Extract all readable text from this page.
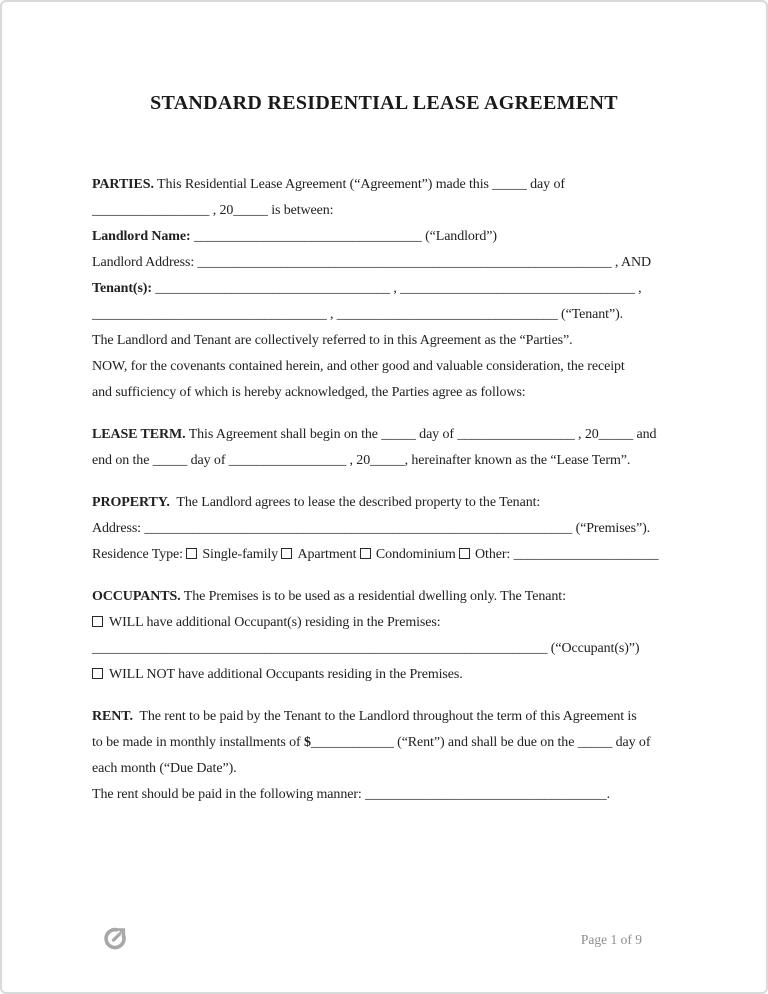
STANDARD RESIDENTIAL LEASE AGREEMENT
PARTIES. This Residential Lease Agreement (“Agreement”) made this _____ day of
_________________ , 20_____ is between:
Landlord Name: _________________________________ (“Landlord”)
Landlord Address: ____________________________________________________________ , AND
Tenant(s): __________________________________ , __________________________________ ,
__________________________________ , ________________________________ (“Tenant”).
The Landlord and Tenant are collectively referred to in this Agreement as the “Parties”.
NOW, for the covenants contained herein, and other good and valuable consideration, the receipt
and sufficiency of which is hereby acknowledged, the Parties agree as follows:
LEASE TERM. This Agreement shall begin on the _____ day of _________________ , 20_____ and
end on the _____ day of _________________ , 20_____, hereinafter known as the “Lease Term”.
PROPERTY.  The Landlord agrees to lease the described property to the Tenant:
Address: ______________________________________________________________ (“Premises”).
Residence Type: Single-family Apartment Condominium Other: _____________________
OCCUPANTS. The Premises is to be used as a residential dwelling only. The Tenant:
WILL have additional Occupant(s) residing in the Premises:
__________________________________________________________________ (“Occupant(s)”)
WILL NOT have additional Occupants residing in the Premises.
RENT.  The rent to be paid by the Tenant to the Landlord throughout the term of this Agreement is
to be made in monthly installments of $____________ (“Rent”) and shall be due on the _____ day of
each month (“Due Date”).
The rent should be paid in the following manner: ___________________________________.
Page 1 of 9
